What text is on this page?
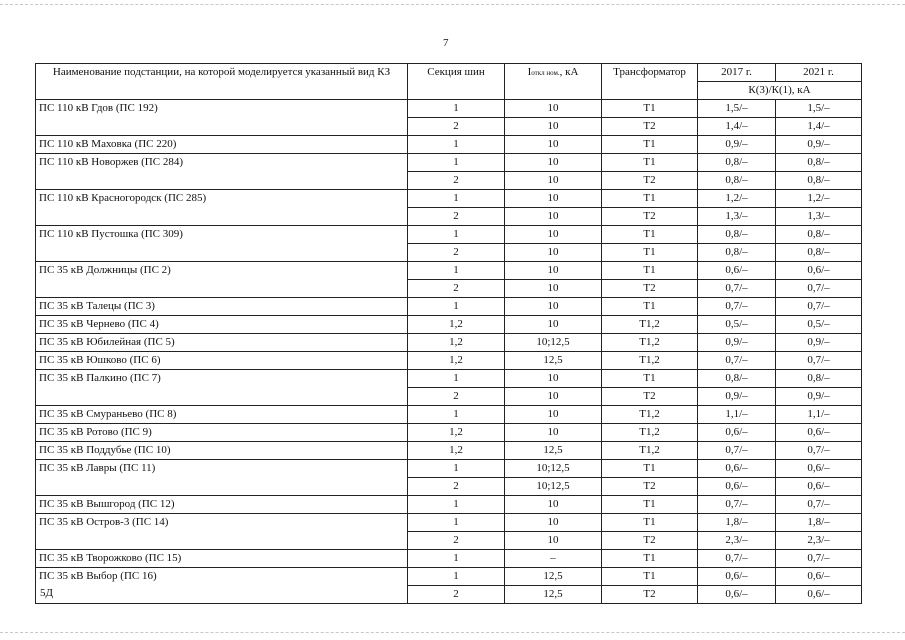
7
Наименование подстанции, на которой моделируется указанный вид КЗ	Секция шин	Iоткл ном., кА	Трансформатор	2017 г.	2021 г.
				К(3)/К(1), кА	
ПС 110 кВ Гдов (ПС 192)	1	10	Т1	1,5/–	1,5/–
	2	10	Т2	1,4/–	1,4/–
ПС 110 кВ Маховка (ПС 220)	1	10	Т1	0,9/–	0,9/–
ПС 110 кВ Новоржев (ПС 284)	1	10	Т1	0,8/–	0,8/–
	2	10	Т2	0,8/–	0,8/–
ПС 110 кВ Красногородск (ПС 285)	1	10	Т1	1,2/–	1,2/–
	2	10	Т2	1,3/–	1,3/–
ПС 110 кВ Пустошка (ПС 309)	1	10	Т1	0,8/–	0,8/–
	2	10	Т1	0,8/–	0,8/–
ПС 35 кВ Должницы (ПС 2)	1	10	Т1	0,6/–	0,6/–
	2	10	Т2	0,7/–	0,7/–
ПС 35 кВ Талецы (ПС 3)	1	10	Т1	0,7/–	0,7/–
ПС 35 кВ Чернево (ПС 4)	1,2	10	Т1,2	0,5/–	0,5/–
ПС 35 кВ Юбилейная (ПС 5)	1,2	10;12,5	Т1,2	0,9/–	0,9/–
ПС 35 кВ Юшково (ПС 6)	1,2	12,5	Т1,2	0,7/–	0,7/–
ПС 35 кВ Палкино (ПС 7)	1	10	Т1	0,8/–	0,8/–
	2	10	Т2	0,9/–	0,9/–
ПС 35 кВ Смураньево (ПС 8)	1	10	Т1,2	1,1/–	1,1/–
ПС 35 кВ Ротово (ПС 9)	1,2	10	Т1,2	0,6/–	0,6/–
ПС 35 кВ Поддубье (ПС 10)	1,2	12,5	Т1,2	0,7/–	0,7/–
ПС 35 кВ Лавры (ПС 11)	1	10;12,5	Т1	0,6/–	0,6/–
	2	10;12,5	Т2	0,6/–	0,6/–
ПС 35 кВ Вышгород (ПС 12)	1	10	Т1	0,7/–	0,7/–
ПС 35 кВ Остров-3 (ПС 14)	1	10	Т1	1,8/–	1,8/–
	2	10	Т2	2,3/–	2,3/–
ПС 35 кВ Творожково (ПС 15)	1	–	Т1	0,7/–	0,7/–
ПС 35 кВ Выбор (ПС 16)	1	12,5	Т1	0,6/–	0,6/–
	2	12,5	Т2	0,6/–	0,6/–
5Д
